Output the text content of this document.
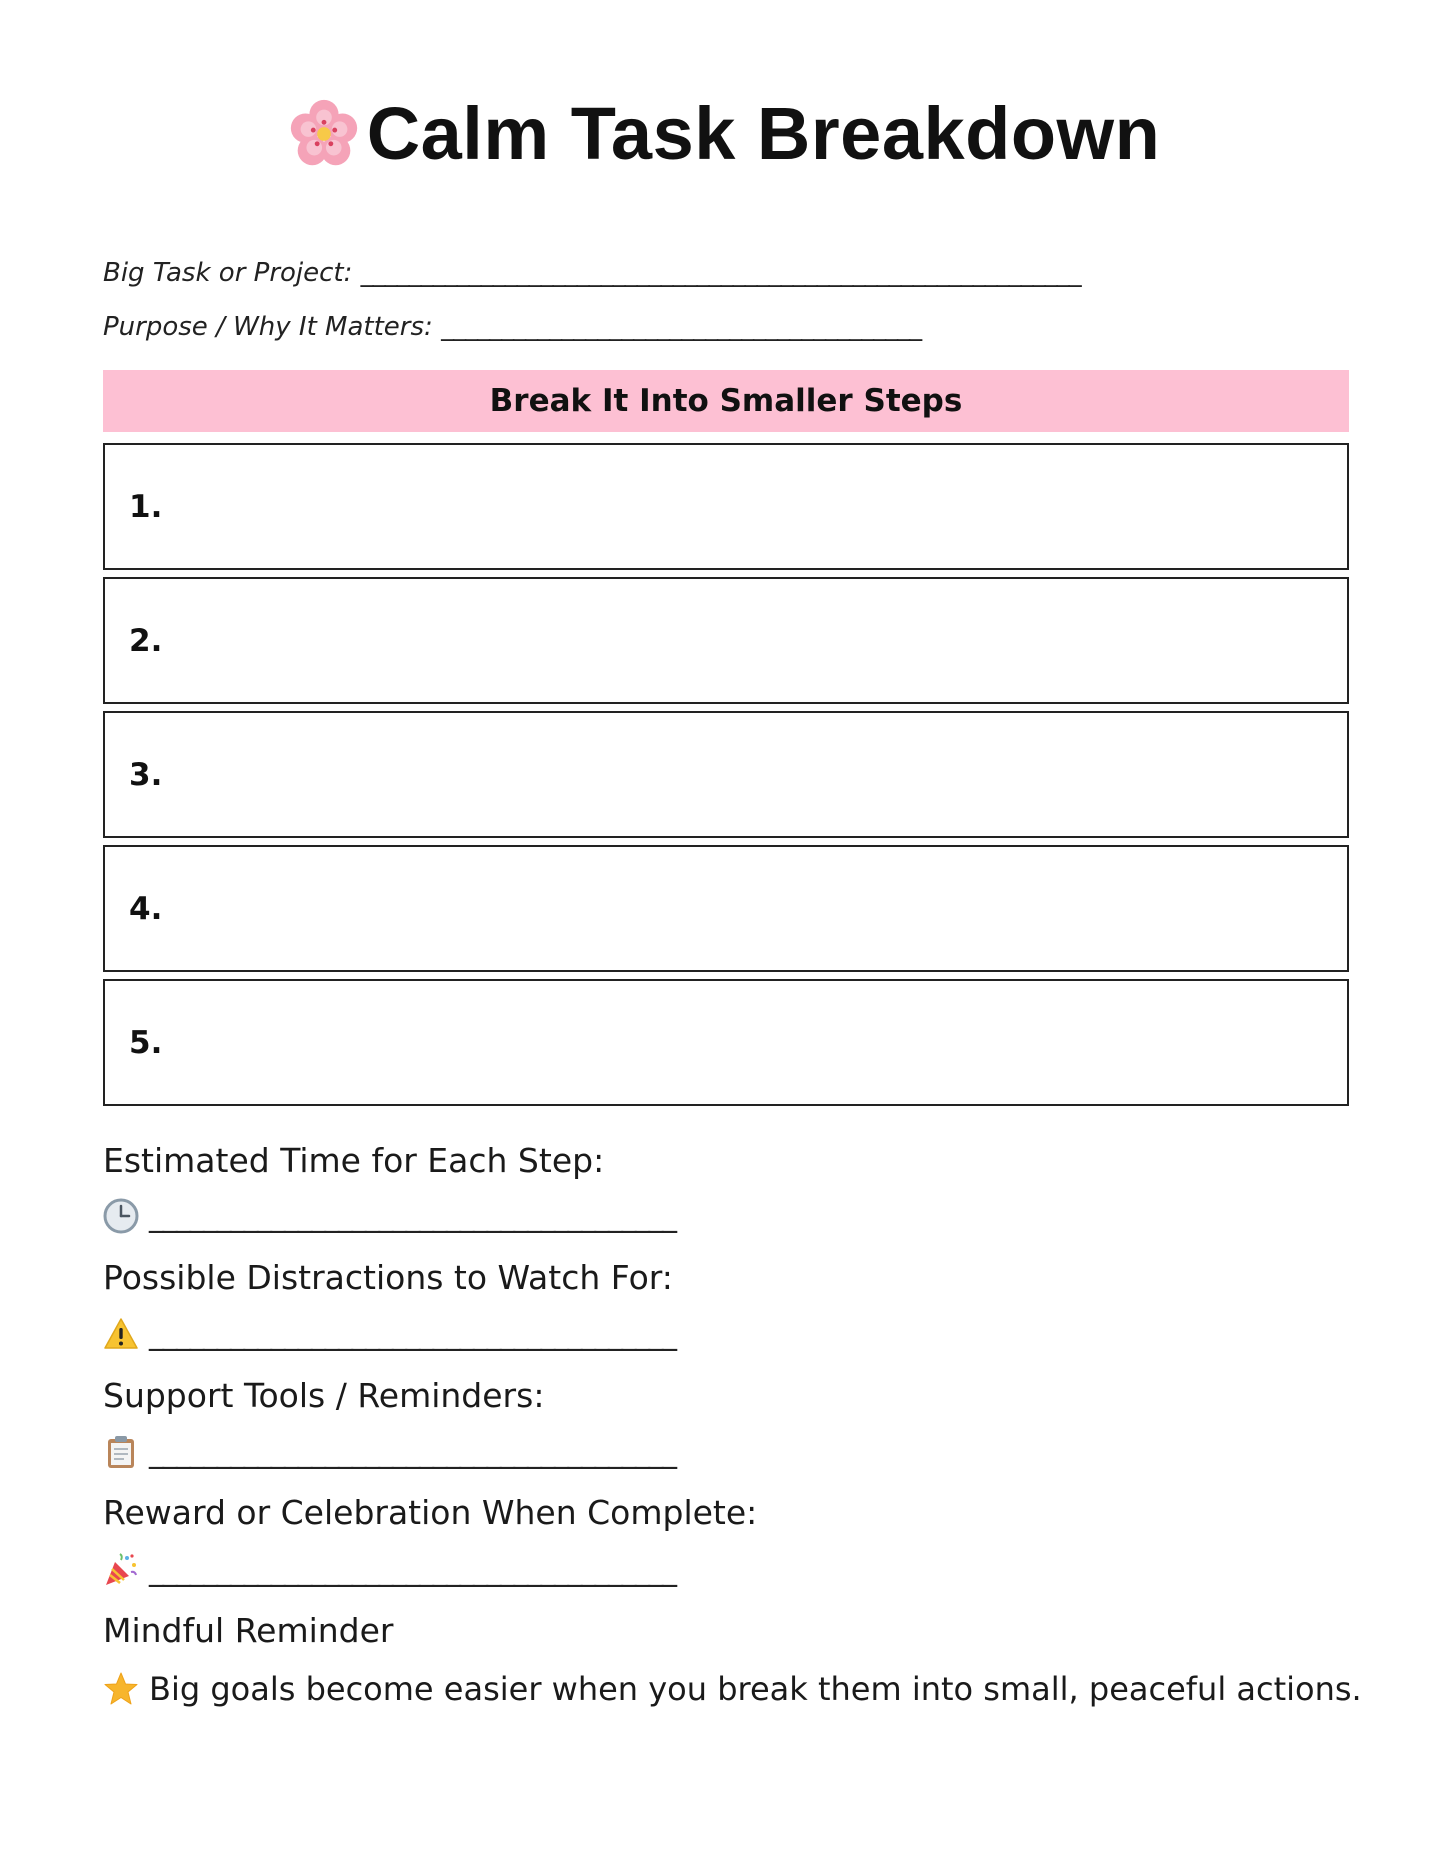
Calm Task Breakdown
Big Task or Project: ____________________________________________________________
Purpose / Why It Matters: ________________________________________
Break It Into Smaller Steps
1.
2.
3.
4.
5.
Estimated Time for Each Step:
_______________________________________
Possible Distractions to Watch For:
_______________________________________
Support Tools / Reminders:
_______________________________________
Reward or Celebration When Complete:
_______________________________________
Mindful Reminder
Big goals become easier when you break them into small, peaceful actions.
